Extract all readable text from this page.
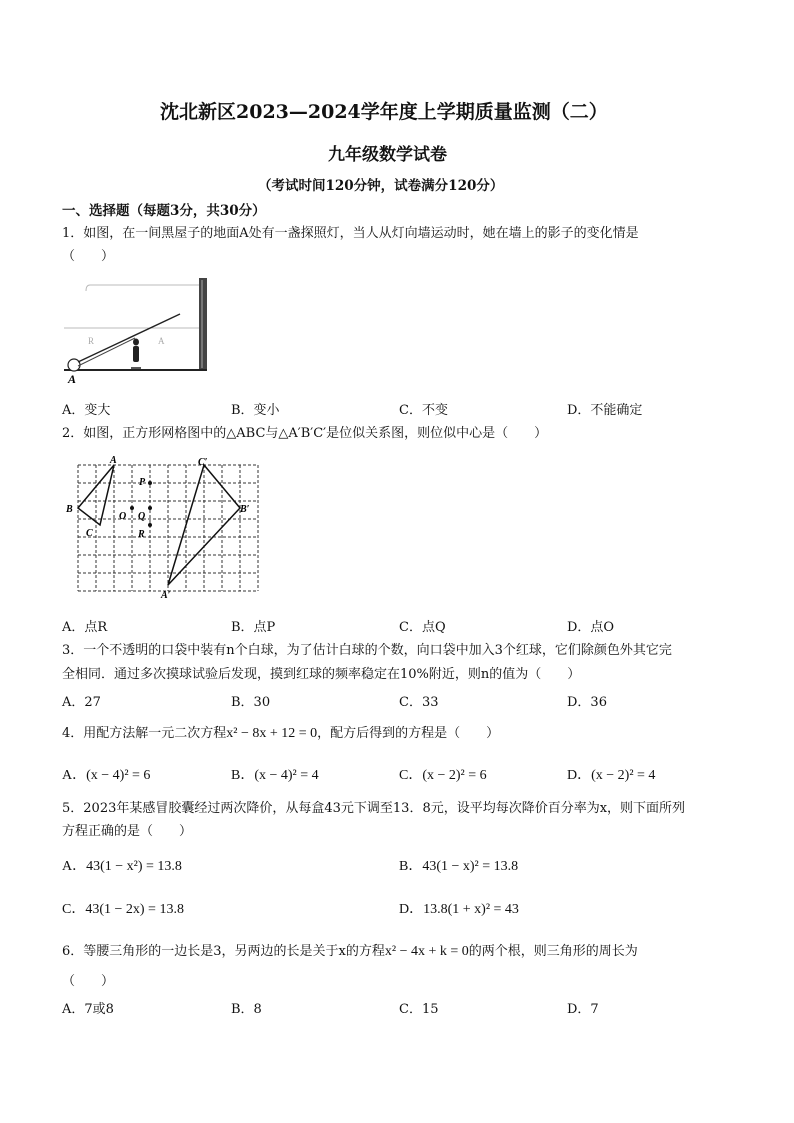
沈北新区2023—2024学年度上学期质量监测（二）
九年级数学试卷
（考试时间120分钟，试卷满分120分）
一、选择题（每题3分，共30分）
1．如图，在一间黑屋子的地面A处有一盏探照灯，当人从灯向墙运动时，她在墙上的影子的变化情是
（　　）
R	A
A
A．变大	B．变小	C．不变	D．不能确定
2．如图，正方形网格图中的△ABC与△A′B′C′是位似关系图，则位似中心是（　　）
A
B
C
C′
B′
A′
P
O Q
R
A．点R	B．点P	C．点Q	D．点O
3．一个不透明的口袋中装有n个白球，为了估计白球的个数，向口袋中加入3个红球，它们除颜色外其它完
全相同．通过多次摸球试验后发现，摸到红球的频率稳定在10%附近，则n的值为（　　）
A．27	B．30	C．33	D．36
4．用配方法解一元二次方程x² − 8x + 12 = 0，配方后得到的方程是（　　）
A．(x − 4)² = 6	B．(x − 4)² = 4	C．(x − 2)² = 6	D．(x − 2)² = 4
5．2023年某感冒胶囊经过两次降价，从每盒43元下调至13．8元，设平均每次降价百分率为x，则下面所列
方程正确的是（　　）
A．43(1 − x²) = 13.8	B．43(1 − x)² = 13.8
C．43(1 − 2x) = 13.8	D．13.8(1 + x)² = 43
6．等腰三角形的一边长是3，另两边的长是关于x的方程x² − 4x + k = 0的两个根，则三角形的周长为
（　　）
A．7或8	B．8	C．15	D．7
